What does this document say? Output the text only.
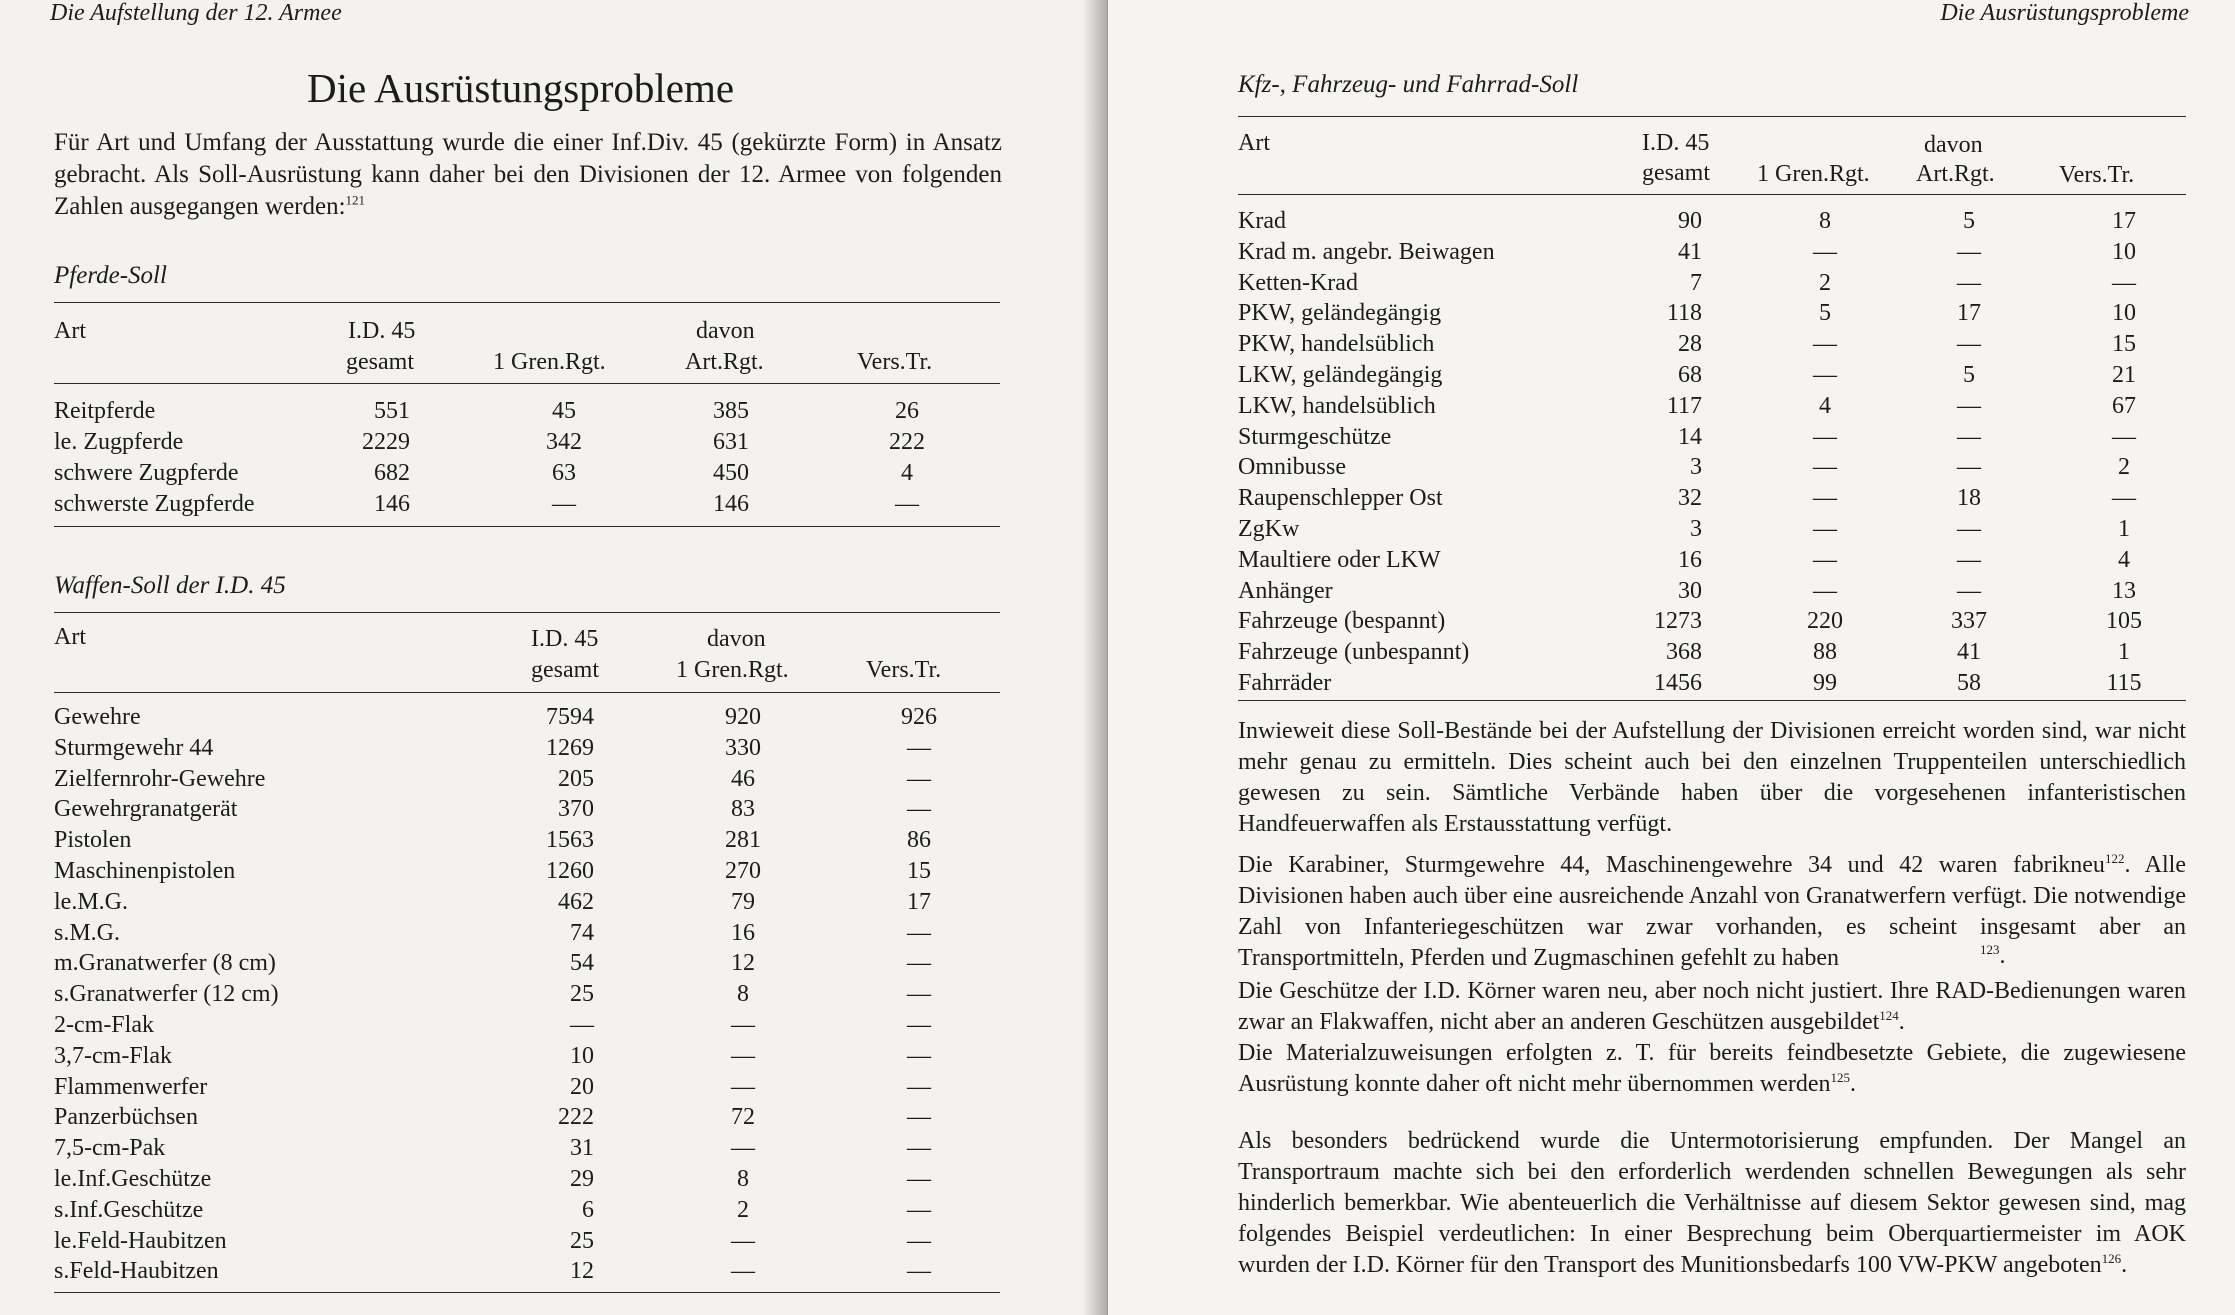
Die Aufstellung der 12. Armee
Die Ausrüstungsprobleme
Für Art und Umfang der Ausstattung wurde die einer Inf.Div. 45 (gekürzte Form) in Ansatz gebracht. Als Soll-Ausrüstung kann daher bei den Divisionen der 12. Armee von folgenden Zahlen ausgegangen werden:$^{121}$
Pferde-Soll
Art	I.D. 45
gesamt
davon
1 Gren.Rgt.	Art.Rgt.	Vers.Tr.
Reitpferde	551	45	385	26
le. Zugpferde	2229	342	631	222
schwere Zugpferde	682	63	450	4
schwerste Zugpferde	146	—	146	—
Waffen-Soll der I.D. 45
Art	I.D. 45
gesamt
davon
1 Gren.Rgt.	Vers.Tr.
Gewehre	7594	920	926
Sturmgewehr 44	1269	330	—
Zielfernrohr-Gewehre	205	46	—
Gewehrgranatgerät	370	83	—
Pistolen	1563	281	86
Maschinenpistolen	1260	270	15
le.M.G.	462	79	17
s.M.G.	74	16	—
m.Granatwerfer (8 cm)	54	12	—
s.Granatwerfer (12 cm)	25	8	—
2-cm-Flak	—	—	—
3,7-cm-Flak	10	—	—
Flammenwerfer	20	—	—
Panzerbüchsen	222	72	—
7,5-cm-Pak	31	—	—
le.Inf.Geschütze	29	8	—
s.Inf.Geschütze	6	2	—
le.Feld-Haubitzen	25	—	—
s.Feld-Haubitzen	12	—	—
Die Ausrüstungsprobleme
Kfz-, Fahrzeug- und Fahrrad-Soll
Art	I.D. 45
gesamt
davon
1 Gren.Rgt. Art.Rgt.	Vers.Tr.
Krad	90	8	5	17
Krad m. angebr. Beiwagen	41	—	—	10
Ketten-Krad	7	2	—	—
PKW, geländegängig	118	5	17	10
PKW, handelsüblich	28	—	—	15
LKW, geländegängig	68	—	5	21
LKW, handelsüblich	117	4	—	67
Sturmgeschütze	14	—	—	—
Omnibusse	3	—	—	2
Raupenschlepper Ost	32	—	18	—
ZgKw	3	—	—	1
Maultiere oder LKW	16	—	—	4
Anhänger	30	—	—	13
Fahrzeuge (bespannt)	1273	220	337	105
Fahrzeuge (unbespannt)	368	88	41	1
Fahrräder	1456	99	58	115
Inwieweit diese Soll-Bestände bei der Aufstellung der Divisionen erreicht worden sind, war nicht mehr genau zu ermitteln. Dies scheint auch bei den einzelnen Truppenteilen unterschiedlich gewesen zu sein. Sämtliche Verbände haben über die vorgesehenen infanteristischen Handfeuerwaffen als Erstausstattung verfügt.
Die Karabiner, Sturmgewehre 44, Maschinengewehre 34 und 42 waren fabrikneu$^{122}$. Alle Divisionen haben auch über eine ausreichende Anzahl von Granatwerfern verfügt. Die notwendige Zahl von Infanteriegeschützen war zwar vorhanden, es scheint insgesamt aber an Transportmitteln, Pferden und Zugmaschinen gefehlt zu haben	$^{123}$.
Die Geschütze der I.D. Körner waren neu, aber noch nicht justiert. Ihre RAD-Bedienungen waren zwar an Flakwaffen, nicht aber an anderen Geschützen ausgebildet$^{124}$.
Die Materialzuweisungen erfolgten z. T. für bereits feindbesetzte Gebiete, die zugewiesene Ausrüstung konnte daher oft nicht mehr übernommen werden$^{125}$.
Als besonders bedrückend wurde die Untermotorisierung empfunden. Der Mangel an Transportraum machte sich bei den erforderlich werdenden schnellen Bewegungen als sehr hinderlich bemerkbar. Wie abenteuerlich die Verhältnisse auf diesem Sektor gewesen sind, mag folgendes Beispiel verdeutlichen: In einer Besprechung beim Oberquartiermeister im AOK wurden der I.D. Körner für den Transport des Munitionsbedarfs 100 VW-PKW angeboten$^{126}$.
